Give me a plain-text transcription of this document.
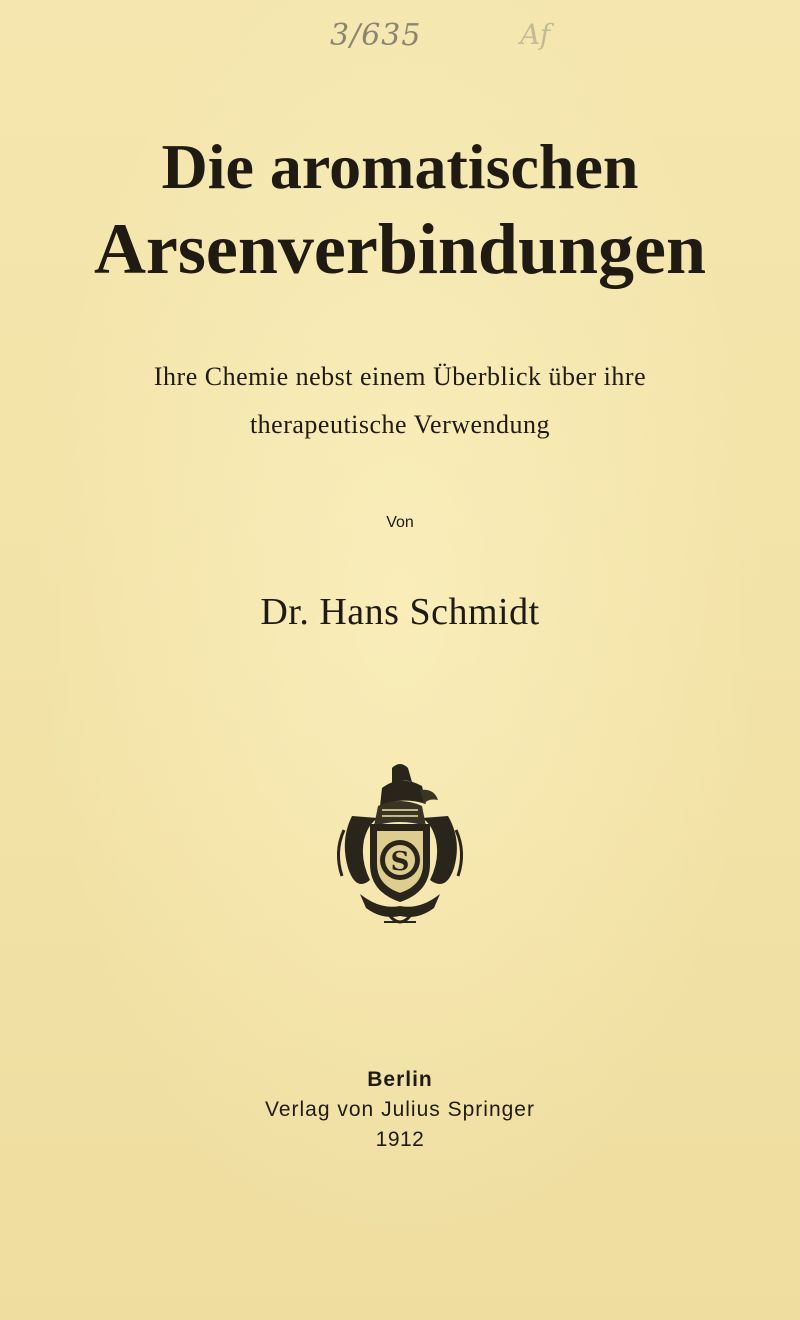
3/635	Af
Die aromatischen
Arsenverbindungen
Ihre Chemie nebst einem Überblick über ihre
therapeutische Verwendung
Von
Dr. Hans Schmidt
S
Berlin
Verlag von Julius Springer
1912
